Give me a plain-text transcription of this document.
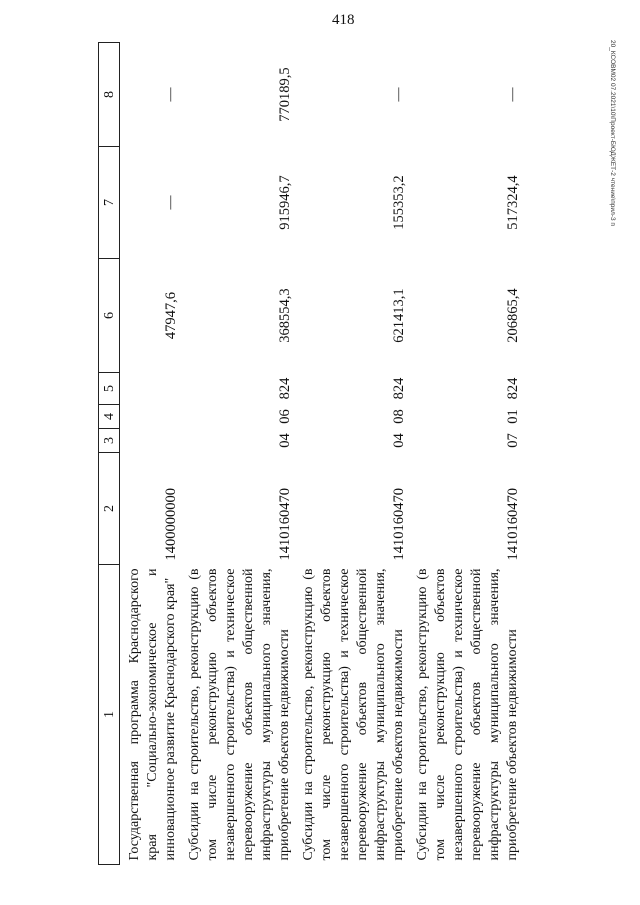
418
20_КСОВМ02 07.2021\10\Проект-БЮДЖЕТ-2 чтение\прил-3 п
1	2	3	4	5	6	7	8
Государственная программа Краснодарского края "Социально-экономическое и инновационное развитие Краснодарского края"	1400000000				47947,6	—	—
Субсидии на строительство, реконструкцию (в том числе реконструкцию объектов незавершенного строительства) и техническое перевооружение объектов общественной инфраструктуры муниципального значения, приобретение объектов недвижимости	1410160470	04	06	824	368554,3	915946,7	770189,5
Субсидии на строительство, реконструкцию (в том числе реконструкцию объектов незавершенного строительства) и техническое перевооружение объектов общественной инфраструктуры муниципального значения, приобретение объектов недвижимости	1410160470	04	08	824	621413,1	155353,2	—
Субсидии на строительство, реконструкцию (в том числе реконструкцию объектов незавершенного строительства) и техническое перевооружение объектов общественной инфраструктуры муниципального значения, приобретение объектов недвижимости	1410160470	07	01	824	206865,4	517324,4	—
